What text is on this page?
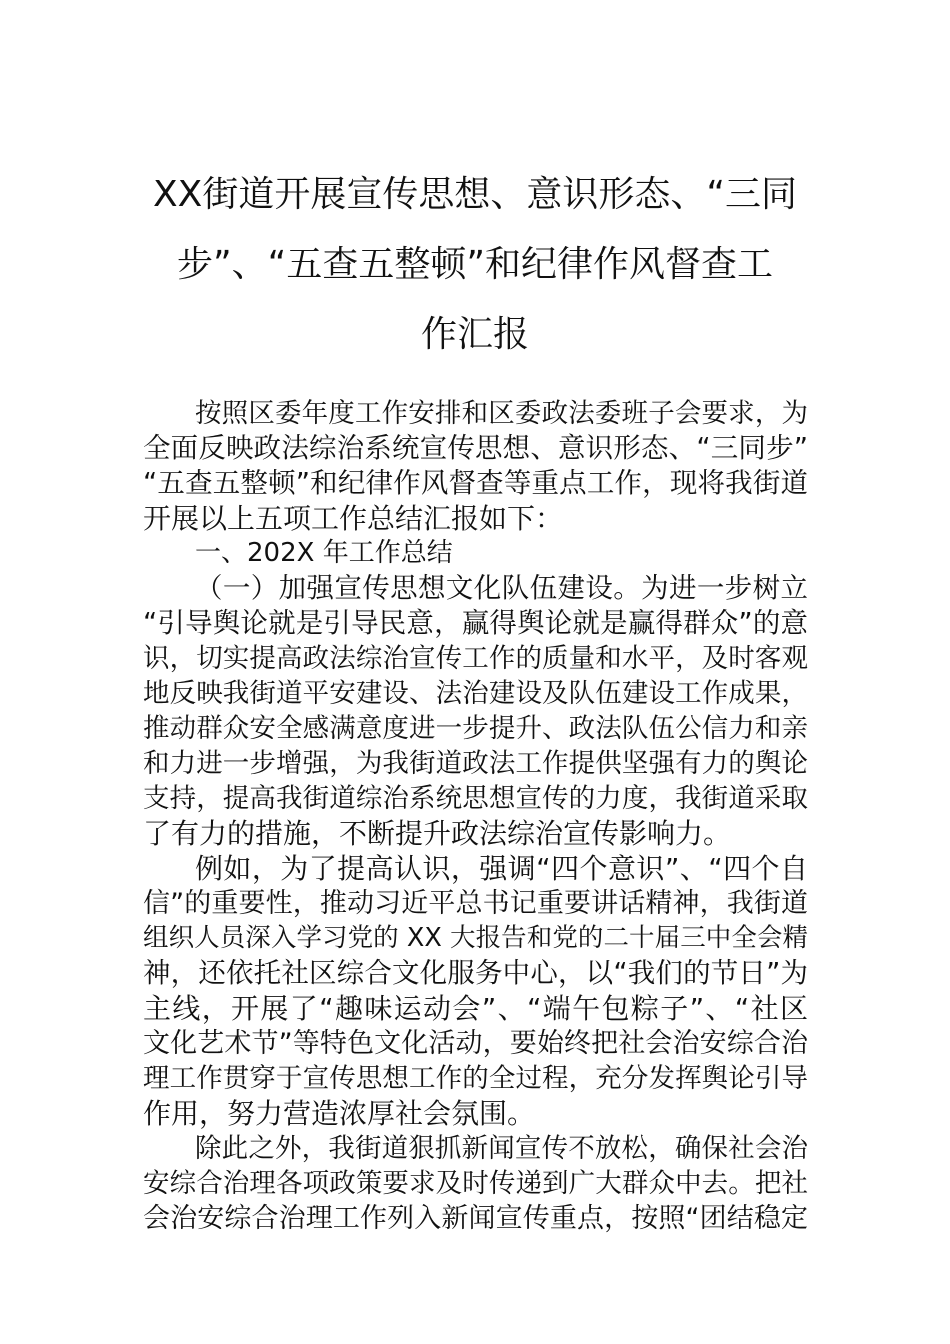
XX街道开展宣传思想、意识形态、“三同
步”、“五查五整顿”和纪律作风督查工
作汇报
按照区委年度工作安排和区委政法委班子会要求，为
全面反映政法综治系统宣传思想、意识形态、“三同步”
“五查五整顿”和纪律作风督查等重点工作，现将我街道
开展以上五项工作总结汇报如下：
一、202X 年工作总结
（一）加强宣传思想文化队伍建设。为进一步树立
“引导舆论就是引导民意，赢得舆论就是赢得群众”的意
识，切实提高政法综治宣传工作的质量和水平，及时客观
地反映我街道平安建设、法治建设及队伍建设工作成果，
推动群众安全感满意度进一步提升、政法队伍公信力和亲
和力进一步增强，为我街道政法工作提供坚强有力的舆论
支持，提高我街道综治系统思想宣传的力度，我街道采取
了有力的措施，不断提升政法综治宣传影响力。
例如，为了提高认识，强调“四个意识”、“四个自
信”的重要性，推动习近平总书记重要讲话精神，我街道
组织人员深入学习党的 XX 大报告和党的二十届三中全会精
神，还依托社区综合文化服务中心，以“我们的节日”为
主线，开展了“趣味运动会”、“端午包粽子”、“社区
文化艺术节”等特色文化活动，要始终把社会治安综合治
理工作贯穿于宣传思想工作的全过程，充分发挥舆论引导
作用，努力营造浓厚社会氛围。
除此之外，我街道狠抓新闻宣传不放松，确保社会治
安综合治理各项政策要求及时传递到广大群众中去。把社
会治安综合治理工作列入新闻宣传重点，按照“团结稳定
